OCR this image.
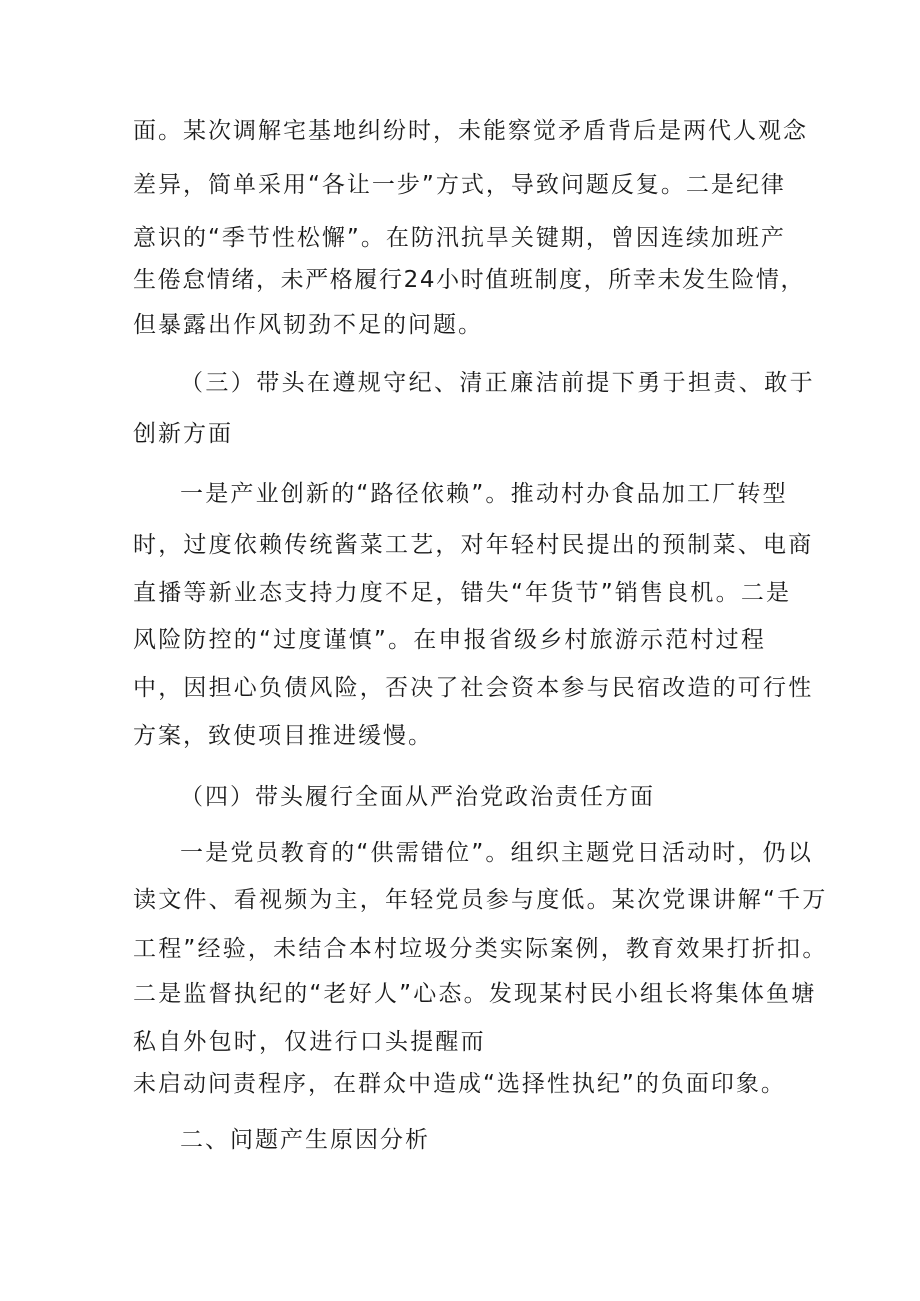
面。某次调解宅基地纠纷时，未能察觉矛盾背后是两代人观念
差异，简单采用“各让一步”方式，导致问题反复。二是纪律
意识的“季节性松懈”。在防汛抗旱关键期，曾因连续加班产
生倦怠情绪，未严格履行24小时值班制度，所幸未发生险情，
但暴露出作风韧劲不足的问题。
（三）带头在遵规守纪、清正廉洁前提下勇于担责、敢于
创新方面
一是产业创新的“路径依赖”。推动村办食品加工厂转型
时，过度依赖传统酱菜工艺，对年轻村民提出的预制菜、电商
直播等新业态支持力度不足，错失“年货节”销售良机。二是
风险防控的“过度谨慎”。在申报省级乡村旅游示范村过程
中，因担心负债风险，否决了社会资本参与民宿改造的可行性
方案，致使项目推进缓慢。
（四）带头履行全面从严治党政治责任方面
一是党员教育的“供需错位”。组织主题党日活动时，仍以
读文件、看视频为主，年轻党员参与度低。某次党课讲解“千万
工程”经验，未结合本村垃圾分类实际案例，教育效果打折扣。
二是监督执纪的“老好人”心态。发现某村民小组长将集体鱼塘
私自外包时，仅进行口头提醒而
未启动问责程序，在群众中造成“选择性执纪”的负面印象。
二、问题产生原因分析
